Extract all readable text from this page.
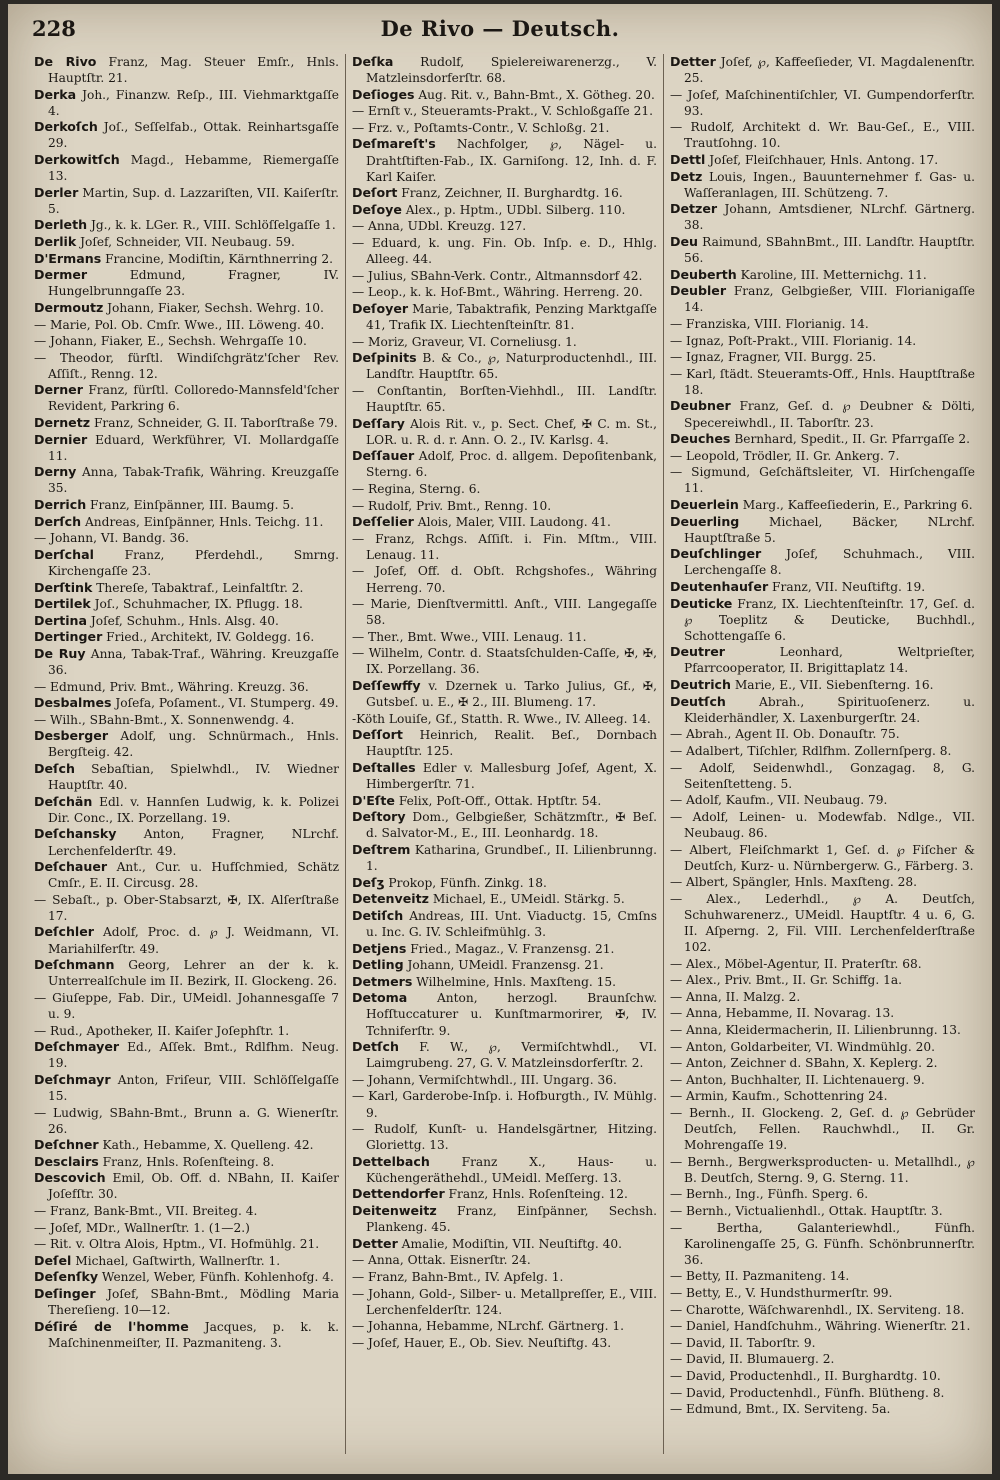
228	De Rivo — Deutsch.

De Rivo Franz, Mag. Steuer Emſr., Hnls. Hauptſtr. 21.

Derka Joh., Finanzw. Reſp., III. Viehmarktgaſſe 4.

Derkoſch Joſ., Seſſelfab., Ottak. Reinhartsgaſſe 29.

Derkowitſch Magd., Hebamme, Riemergaſſe 13.

Derler Martin, Sup. d. Lazzariſten, VII. Kaiſerſtr. 5.

Derleth Jg., k. k. LGer. R., VIII. Schlöſſelgaſſe 1.

Derlik Joſef, Schneider, VII. Neubaug. 59.

D'Ermans Francine, Modiſtin, Kärnthnerring 2.

Dermer	Edmund, Fragner, IV. Hungelbrunngaſſe 23.

Dermoutz Johann, Fiaker, Sechsh. Wehrg. 10.

— Marie, Pol. Ob. Cmſr. Wwe., III. Löweng. 40.

— Johann, Fiaker, E., Sechsh. Wehrgaſſe 10.

— Theodor, fürſtl. Windiſchgrätz'ſcher Rev. Aſſiſt., Renng. 12.

Derner Franz, fürſtl. Colloredo-Mannsfeld'ſcher Revident, Parkring 6.

Dernetz Franz, Schneider, G. II. Taborſtraße 79.

Dernier Eduard, Werkführer, VI. Mollardgaſſe 11.

Derny Anna, Tabak-Trafik, Währing. Kreuzgaſſe 35.

Derrich Franz, Einſpänner, III. Baumg. 5.

Derſch Andreas, Einſpänner, Hnls. Teichg. 11.

— Johann, VI. Bandg. 36.

Derſchal	Franz, Pferdehdl., Smrng. Kirchengaſſe 23.

Derſtink Thereſe, Tabaktraf., Leinfaltſtr. 2.

Dertilek Joſ., Schuhmacher, IX. Pflugg. 18.

Dertina Joſef, Schuhm., Hnls. Alsg. 40.

Dertinger Fried., Architekt, IV. Goldegg. 16.

De Ruy Anna, Tabak-Traf., Währing. Kreuzgaſſe 36.

— Edmund, Priv. Bmt., Währing. Kreuzg. 36.

Desbalmes Joſefa, Poſament., VI. Stumperg. 49.

— Wilh., SBahn-Bmt., X. Sonnenwendg. 4.

Desberger Adolf, ung. Schnürmach., Hnls. Bergſteig. 42.

Deſch Sebaſtian, Spielwhdl., IV. Wiedner Hauptſtr. 40.

Deſchän Edl. v. Hannſen Ludwig, k. k. Polizei Dir. Conc., IX. Porzellang. 19.

Deſchansky Anton, Fragner, NLrchf. Lerchenfelderſtr. 49.

Deſchauer Ant., Cur. u. Hufſchmied, Schätz Cmſr., E. II. Circusg. 28.

— Sebaſt., p. Ober-Stabsarzt, ✠, IX. Alſerſtraße 17.

Deſchler Adolf, Proc. d. ℘ J. Weidmann, VI. Mariahilferſtr. 49.

Deſchmann Georg, Lehrer an der k. k. Unterrealſchule im II. Bezirk, II. Glockeng. 26.

— Giuſeppe, Fab. Dir., UMeidl. Johannesgaſſe 7 u. 9.

— Rud., Apotheker, II. Kaiſer Joſephſtr. 1.

Deſchmayer Ed., Aſſek. Bmt., Rdlfhm. Neug. 19.

Deſchmayr Anton, Friſeur, VIII. Schlöſſelgaſſe 15.

— Ludwig, SBahn-Bmt., Brunn a. G. Wienerſtr. 26.

Deſchner Kath., Hebamme, X. Quelleng. 42.

Desclairs Franz, Hnls. Roſenſteing. 8.

Descovich Emil, Ob. Off. d. NBahn, II. Kaiſer Joſefſtr. 30.

— Franz, Bank-Bmt., VII. Breiteg. 4.

— Joſef, MDr., Wallnerſtr. 1. (1—2.)

— Rit. v. Oltra Alois, Hptm., VI. Hofmühlg. 21.

Deſel Michael, Gaſtwirth, Wallnerſtr. 1.

Deſenſky Wenzel, Weber, Fünfh. Kohlenhofg. 4.

Deſinger Joſef, SBahn-Bmt., Mödling Maria Thereſieng. 10—12.

Déſiré de l'homme Jacques, p. k. k. Maſchinenmeiſter, II. Pazmaniteng. 3.

Deſka Rudolf, Spielereiwarenerzg., V. Matzleinsdorferſtr. 68.

Deſioges Aug. Rit. v., Bahn-Bmt., X. Götheg. 20.

— Ernſt v., Steueramts-Prakt., V. Schloßgaſſe 21.

— Frz. v., Poſtamts-Contr., V. Schloßg. 21.

Deſmareſt's Nachfolger, ℘, Nägel- u. Drahtſtiften-Fab., IX. Garniſong. 12, Inh. d. F. Karl Kaiſer.

Deſort Franz, Zeichner, II. Burghardtg. 16.

Deſoye Alex., p. Hptm., UDbl. Silberg. 110.

— Anna, UDbl. Kreuzg. 127.

— Eduard, k. ung. Fin. Ob. Inſp. e. D., Hhlg. Alleeg. 44.

— Julius, SBahn-Verk. Contr., Altmannsdorf 42.

— Leop., k. k. Hof-Bmt., Währing. Herreng. 20.

Deſoyer Marie, Tabaktrafik, Penzing Marktgaſſe 41, Trafik IX. Liechtenſteinſtr. 81.

— Moriz, Graveur, VI. Corneliusg. 1.

Deſpinits B. & Co., ℘, Naturproductenhdl., III. Landſtr. Hauptſtr. 65.

— Conſtantin, Borſten-Viehhdl., III. Landſtr. Hauptſtr. 65.

Deſſary Alois Rit. v., p. Sect. Chef, ✠ C. m. St., LOR. u. R. d. r. Ann. O. 2., IV. Karlsg. 4.

Deſſauer Adolf, Proc. d. allgem. Depoſitenbank, Sterng. 6.

— Regina, Sterng. 6.

— Rudolf, Priv. Bmt., Renng. 10.

Deſſelier Alois, Maler, VIII. Laudong. 41.

— Franz, Rchgs. Aſſiſt. i. Fin. Mſtm., VIII. Lenaug. 11.

— Joſef, Off. d. Obſt. Rchgshofes., Währing Herreng. 70.

— Marie, Dienſtvermittl. Anſt., VIII. Langegaſſe 58.

— Ther., Bmt. Wwe., VIII. Lenaug. 11.

— Wilhelm, Contr. d. Staatsſchulden-Caſſe, ✠, ✠, IX. Porzellang. 36.

Deſſewffy v. Dzernek u. Tarko Julius, Gf., ✠, Gutsbeſ. u. E., ✠ 2., III. Blumeng. 17.

-Köth Louiſe, Gf., Statth. R. Wwe., IV. Alleeg. 14.

Deſſort Heinrich, Realit. Beſ., Dornbach Hauptſtr. 125.

Deſtalles Edler v. Mallesburg Joſef, Agent, X. Himbergerſtr. 71.

D'Eſte Felix, Poſt-Off., Ottak. Hptſtr. 54.

Deſtory Dom., Gelbgießer, Schätzmſtr., ✠ Beſ. d. Salvator-M., E., III. Leonhardg. 18.

Deſtrem Katharina, Grundbeſ., II. Lilienbrunng. 1.

Deſʒ Prokop, Fünfh. Zinkg. 18.

Detenveitz Michael, E., UMeidl. Stärkg. 5.

Detiſch Andreas, III. Unt. Viaductg. 15, Cmſns u. Inc. G. IV. Schleifmühlg. 3.

Detjens Fried., Magaz., V. Franzensg. 21.

Detling Johann, UMeidl. Franzensg. 21.

Detmers Wilhelmine, Hnls. Maxſteng. 15.

Detoma Anton, herzogl. Braunſchw. Hofſtuccaturer u. Kunſtmarmorirer, ✠, IV. Tchniferſtr. 9.

Detſch F. W., ℘, Vermiſchtwhdl., VI. Laimgrubeng. 27, G. V. Matzleinsdorferſtr. 2.

— Johann, Vermiſchtwhdl., III. Ungarg. 36.

— Karl, Garderobe-Inſp. i. Hofburgth., IV. Mühlg. 9.

— Rudolf, Kunſt- u. Handelsgärtner, Hitzing. Gloriettg. 13.

Dettelbach	Franz X., Haus- u. Küchengeräthehdl., UMeidl. Meſſerg. 13.

Dettendorfer Franz, Hnls. Roſenſteing. 12.

Deitenweitz Franz, Einſpänner, Sechsh. Plankeng. 45.

Detter Amalie, Modiſtin, VII. Neuſtiftg. 40.

— Anna, Ottak. Eisnerſtr. 24.

— Franz, Bahn-Bmt., IV. Apfelg. 1.

— Johann, Gold-, Silber- u. Metallpreſſer, E., VIII. Lerchenfelderſtr. 124.

— Johanna, Hebamme, NLrchf. Gärtnerg. 1.

— Joſef, Hauer, E., Ob. Siev. Neuſtiftg. 43.

Detter Joſef, ℘, Kaffeeſieder, VI. Magdalenenſtr. 25.

— Joſef, Maſchinentiſchler, VI. Gumpendorferſtr. 93.

— Rudolf, Architekt d. Wr. Bau-Geſ., E., VIII. Trautſohng. 10.

Dettl Joſef, Fleiſchhauer, Hnls. Antong. 17.

Detz Louis, Ingen., Bauunternehmer f. Gas- u. Waſſeranlagen, III. Schützeng. 7.

Detzer Johann, Amtsdiener, NLrchf. Gärtnerg. 38.

Deu Raimund, SBahnBmt., III. Landſtr. Hauptſtr. 56.

Deuberth Karoline, III. Metternichg. 11.

Deubler Franz, Gelbgießer, VIII. Florianigaſſe 14.

— Franziska, VIII. Florianig. 14.

— Ignaz, Poſt-Prakt., VIII. Florianig. 14.

— Ignaz, Fragner, VII. Burgg. 25.

— Karl, ſtädt. Steueramts-Off., Hnls. Hauptſtraße 18.

Deubner Franz, Geſ. d. ℘ Deubner & Dölti, Specereiwhdl., II. Taborſtr. 23.

Deuches Bernhard, Spedit., II. Gr. Pfarrgaſſe 2.

— Leopold, Trödler, II. Gr. Ankerg. 7.

— Sigmund, Geſchäftsleiter, VI. Hirſchengaſſe 11.

Deuerlein Marg., Kaffeeſiederin, E., Parkring 6.

Deuerling Michael, Bäcker, NLrchf. Hauptſtraße 5.

Deuſchlinger Joſef, Schuhmach., VIII. Lerchengaſſe 8.

Deutenhauſer Franz, VII. Neuſtiftg. 19.

Deuticke Franz, IX. Liechtenſteinſtr. 17, Geſ. d. ℘ Toeplitz & Deuticke, Buchhdl., Schottengaſſe 6.

Deutrer	Leonhard, Weltprieſter, Pfarrcooperator, II. Brigittaplatz 14.

Deutrich Marie, E., VII. Siebenſterng. 16.

Deutſch	Abrah., Spirituoſenerz. u. Kleiderhändler, X. Laxenburgerſtr. 24.

— Abrah., Agent II. Ob. Donauſtr. 75.

— Adalbert, Tiſchler, Rdlfhm. Zollernſperg. 8.

— Adolf, Seidenwhdl., Gonzagag. 8, G. Seitenſtetteng. 5.

— Adolf, Kaufm., VII. Neubaug. 79.

— Adolf, Leinen- u. Modewfab. Ndlge., VII. Neubaug. 86.

— Albert, Fleiſchmarkt 1, Geſ. d. ℘ Fiſcher & Deutſch, Kurz- u. Nürnbergerw. G., Färberg. 3.

— Albert, Spängler, Hnls. Maxſteng. 28.

— Alex., Lederhdl., ℘ A. Deutſch, Schuhwarenerz., UMeidl. Hauptſtr. 4 u. 6, G. II. Aſperng. 2, Fil. VIII. Lerchenfelderſtraße 102.

— Alex., Möbel-Agentur, II. Praterſtr. 68.

— Alex., Priv. Bmt., II. Gr. Schiffg. 1a.

— Anna, II. Malzg. 2.

— Anna, Hebamme, II. Novarag. 13.

— Anna, Kleidermacherin, II. Lilienbrunng. 13.

— Anton, Goldarbeiter, VI. Windmühlg. 20.

— Anton, Zeichner d. SBahn, X. Keplerg. 2.

— Anton, Buchhalter, II. Lichtenauerg. 9.

— Armin, Kaufm., Schottenring 24.

— Bernh., II. Glockeng. 2, Geſ. d. ℘ Gebrüder Deutſch, Fellen. Rauchwhdl., II. Gr. Mohrengaſſe 19.

— Bernh., Bergwerksproducten- u. Metallhdl., ℘ B. Deutſch, Sterng. 9, G. Sterng. 11.

— Bernh., Ing., Fünfh. Sperg. 6.

— Bernh., Victualienhdl., Ottak. Hauptſtr. 3.

— Bertha, Galanteriewhdl., Fünfh. Karolinengaſſe 25, G. Fünfh. Schönbrunnerſtr. 36.

— Betty, II. Pazmaniteng. 14.

— Betty, E., V. Hundsthurmerſtr. 99.

— Charotte, Wäſchwarenhdl., IX. Serviteng. 18.

— Daniel, Handſchuhm., Währing. Wienerſtr. 21.

— David, II. Taborſtr. 9.

— David, II. Blumauerg. 2.

— David, Productenhdl., II. Burghardtg. 10.

— David, Productenhdl., Fünfh. Blütheng. 8.

— Edmund, Bmt., IX. Serviteng. 5a.
